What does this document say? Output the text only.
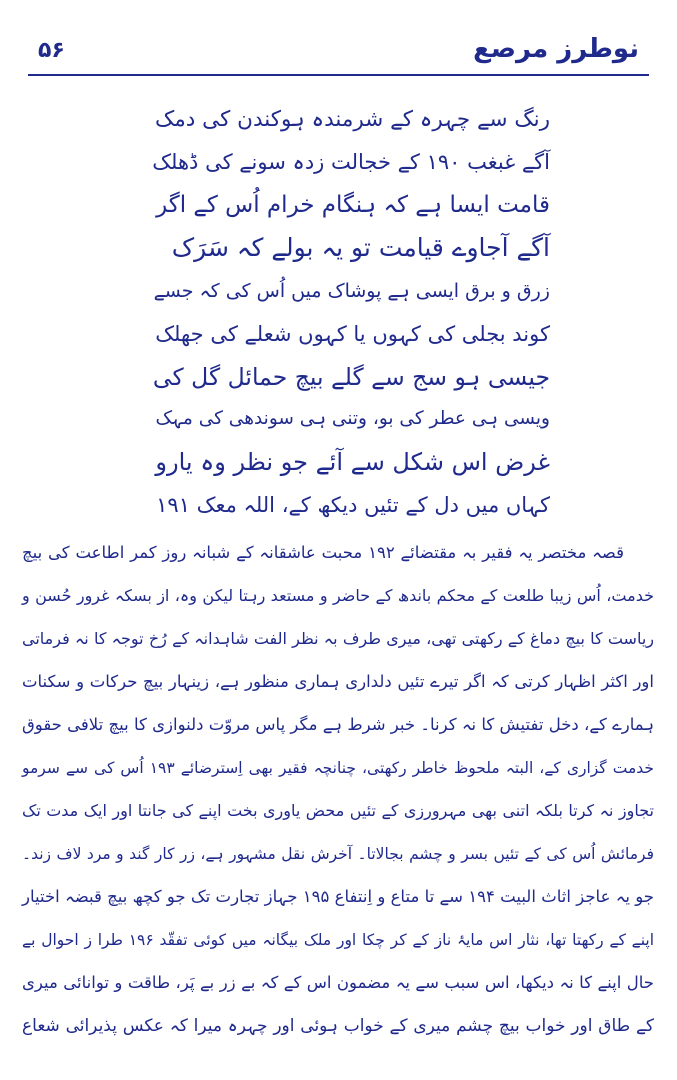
۵۶	نوطرز مرصع
رنگ سے چہرہ کے شرمندہ ہوکندن کی دمک
آگے غبغب ۱۹۰ کے خجالت زدہ سونے کی ڈھلک
قامت ایسا ہے کہ ہنگام خرام اُس کے اگر
آگے آجاوے قیامت تو یہ بولے کہ سَرَک
زرق و برق ایسی ہے پوشاک میں اُس کی کہ جسے
کوند بجلی کی کہوں یا کہوں شعلے کی جھلک
جیسی ہو سج سے گلے بیچ حمائل گل کی
ویسی ہی عطر کی بو، وتنی ہی سوندھی کی مہک
غرض اس شکل سے آئے جو نظر وہ یارو
کہاں میں دل کے تئیں دیکھ کے، اللہ معک ۱۹۱
قصہ مختصر یہ فقیر بہ مقتضائے ۱۹۲ محبت عاشقانہ کے شبانہ روز کمر اطاعت کی بیچ
خدمت، اُس زیبا طلعت کے محکم باندھ کے حاضر و مستعد رہتا لیکن وہ، از بسکہ غرور حُسن و
ریاست کا بیچ دماغ کے رکھتی تھی، میری طرف بہ نظر الفت شاہدانہ کے رُخ توجہ کا نہ فرماتی
اور اکثر اظہار کرتی کہ اگر تیرے تئیں دلداری ہماری منظور ہے، زینہار بیچ حرکات و سکنات
ہمارے کے، دخل تفتیش کا نہ کرنا۔ خبر شرط ہے مگر پاس مروّت دلنوازی کا بیچ تلافی حقوق
خدمت گزاری کے، البتہ ملحوظ خاطر رکھتی، چنانچہ فقیر بھی اِسترضائے ۱۹۳ اُس کی سے سرمو
تجاوز نہ کرتا بلکہ اتنی بھی مہرورزی کے تئیں محض یاوری بخت اپنے کی جانتا اور ایک مدت تک
فرمائش اُس کی کے تئیں بسر و چشم بجالاتا۔ آخرش نقل مشہور ہے، زر کار گند و مرد لاف زند۔
جو یہ عاجز اثاث البیت ۱۹۴ سے تا متاع و اِنتفاع ۱۹۵ جہاز تجارت تک جو کچھ بیچ قبضہ اختیار
اپنے کے رکھتا تھا، نثار اس مایۂ ناز کے کر چکا اور ملک بیگانہ میں کوئی تفقّد ۱۹۶ طرا ز احوال بے
حال اپنے کا نہ دیکھا، اس سبب سے یہ مضمون اس کے کہ بے زر بے پَر، طاقت و توانائی میری
کے طاق اور خواب بیچ چشم میری کے خواب ہوئی اور چہرہ میرا کہ عکس پذیرائی شعاع
